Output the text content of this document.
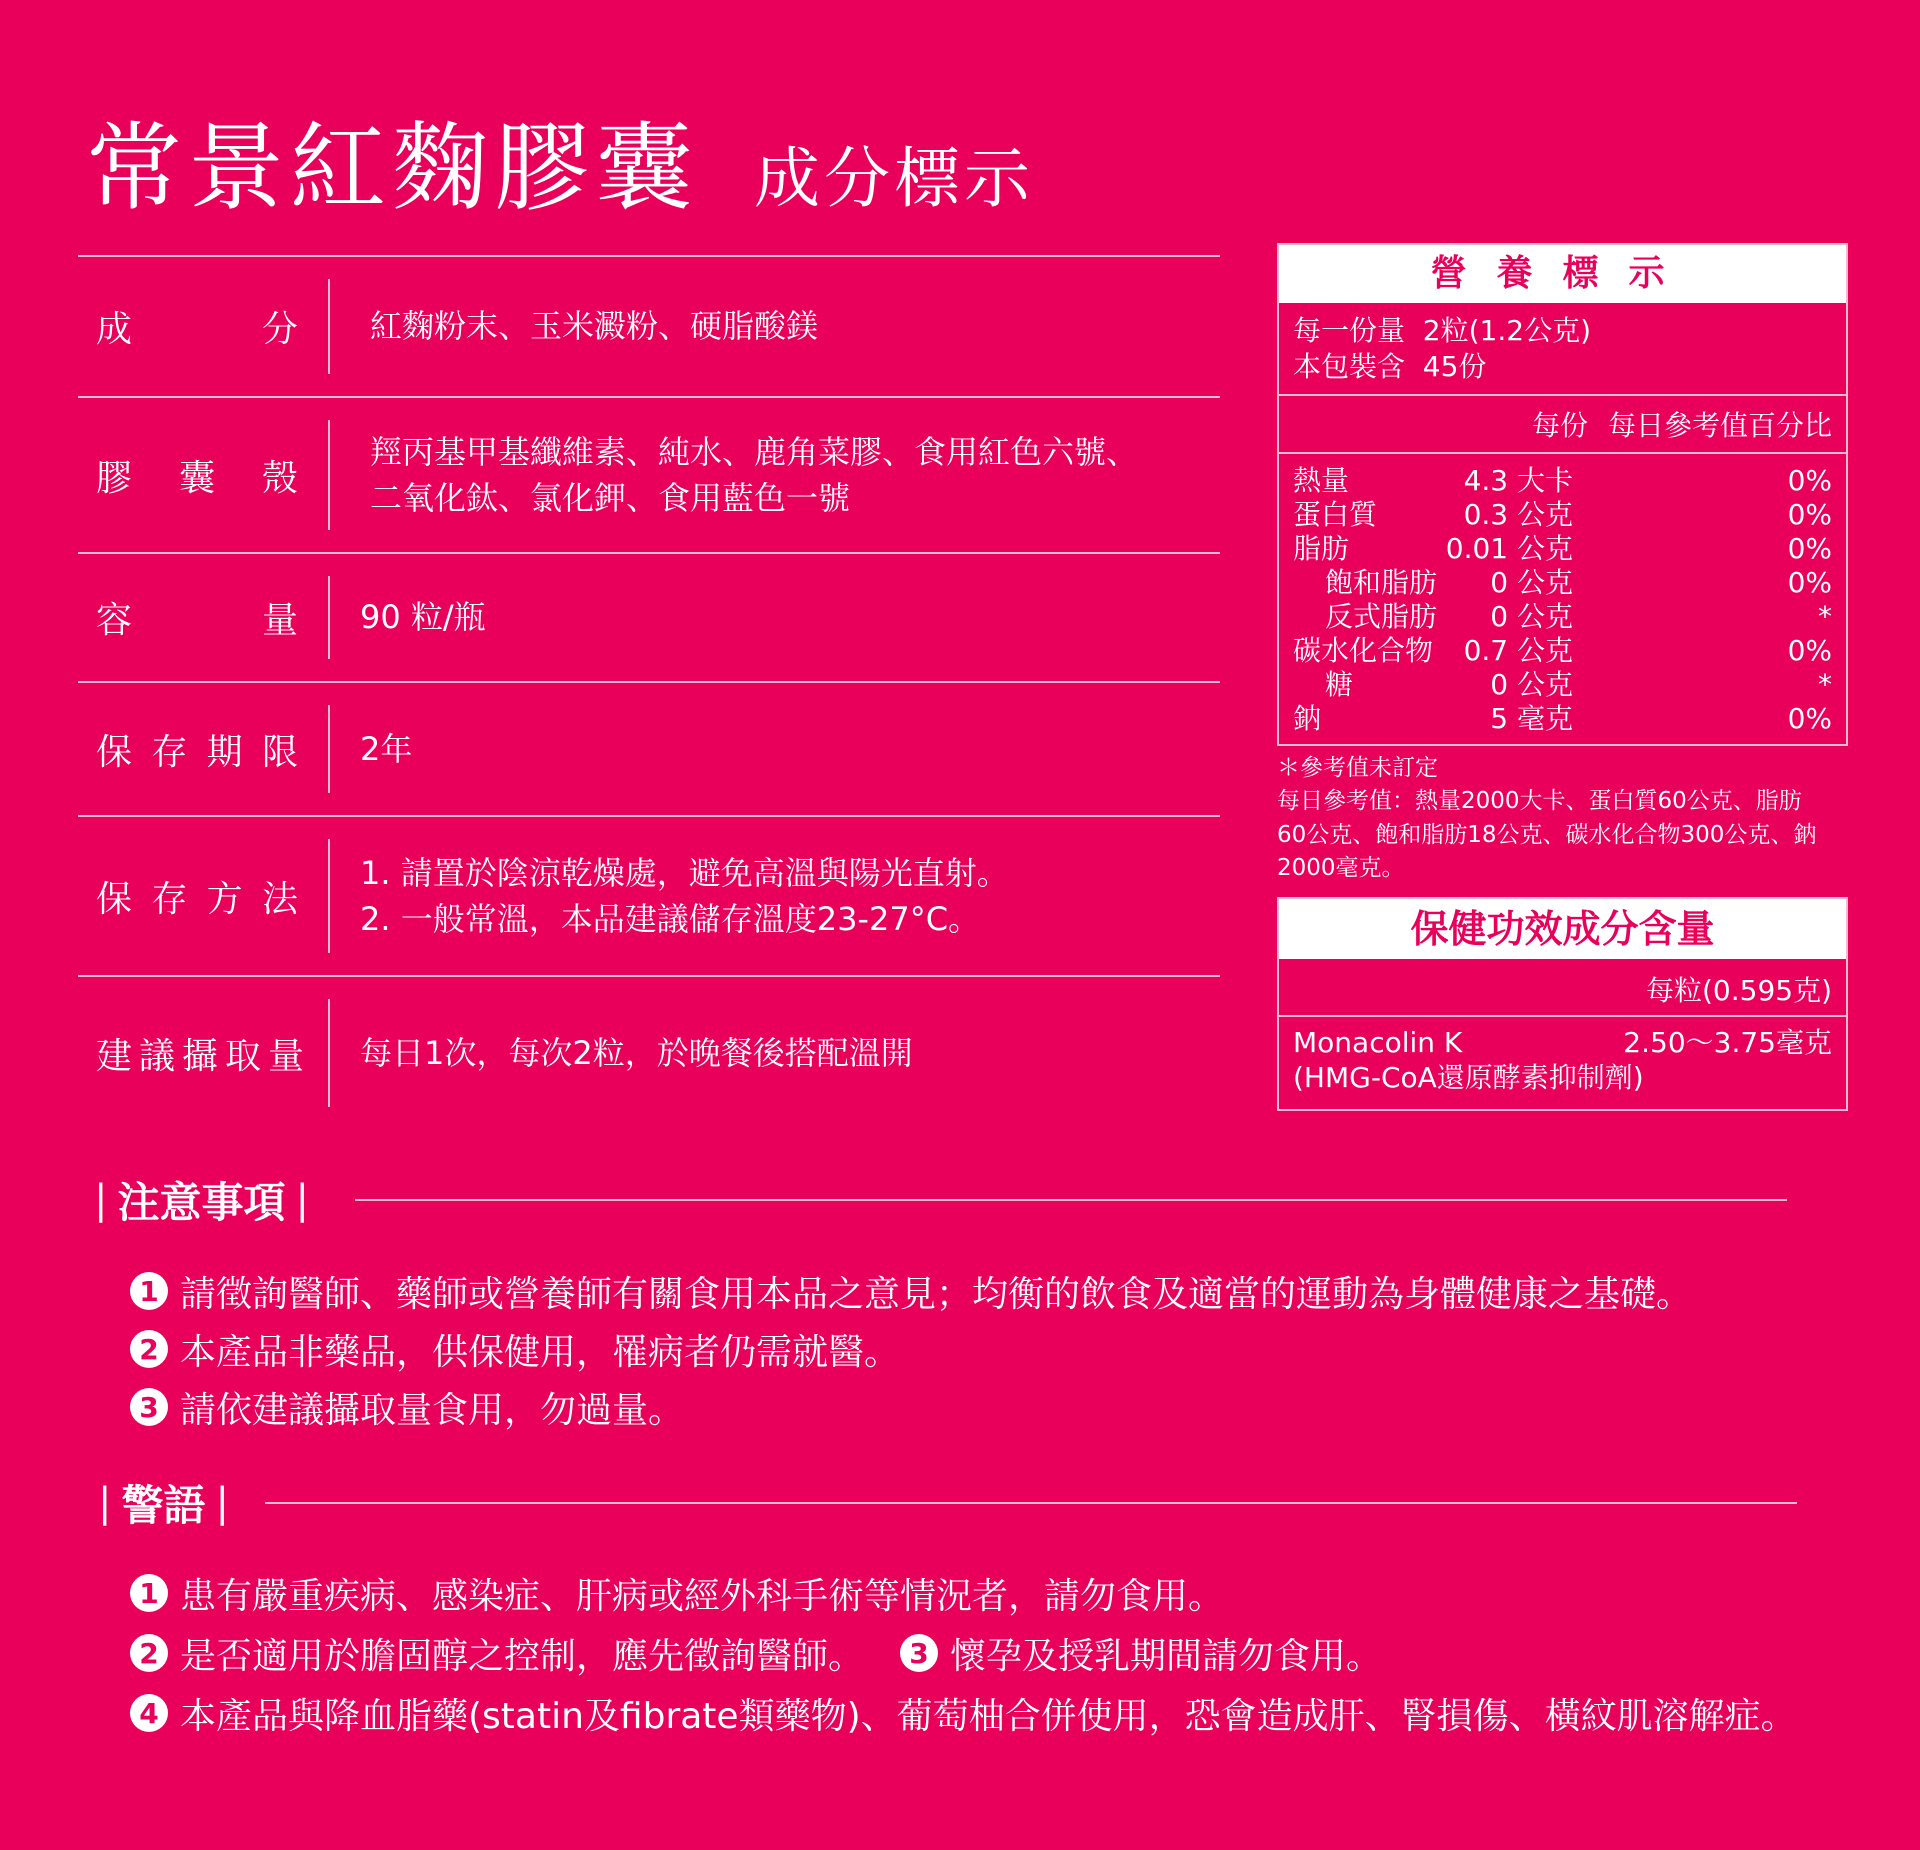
常景紅麴膠囊 成分標示
成	分 紅麴粉末、玉米澱粉、硬脂酸鎂
膠 囊 殼
羥丙基甲基纖維素、純水、鹿角菜膠、食用紅色六號、
二氧化鈦、氯化鉀、食用藍色一號
容	量 90 粒/瓶
保 存 期 限 2年
保 存 方 法
1. 請置於陰涼乾燥處，避免高溫與陽光直射。
2. 一般常溫，本品建議儲存溫度23-27°C。
建 議 攝 取 量 每日1次，每次2粒，於晚餐後搭配溫開
營養標示
每一份量  2粒(1.2公克)
本包裝含  45份
每份 每日參考值百分比
熱量	4.3 大卡	0%
蛋白質	0.3 公克	0%
脂肪	0.01 公克	0%
飽和脂肪	0 公克	0%
反式脂肪	0 公克	*
碳水化合物	0.7 公克	0%
糖	0 公克	*
鈉	5 毫克	0%
＊參考值未訂定
每日參考值：熱量2000大卡、蛋白質60公克、脂肪
60公克、飽和脂肪18公克、碳水化合物300公克、鈉
2000毫克。
保健功效成分含量
每粒(0.595克)
Monacolin K	2.50～3.75毫克
(HMG-CoA還原酵素抑制劑)
| 注意事項 |
1 請徵詢醫師、藥師或營養師有關食用本品之意見；均衡的飲食及適當的運動為身體健康之基礎。
2 本產品非藥品，供保健用，罹病者仍需就醫。
3 請依建議攝取量食用，勿過量。
| 警語 |
1 患有嚴重疾病、感染症、肝病或經外科手術等情況者，請勿食用。
2 是否適用於膽固醇之控制，應先徵詢醫師。	3 懷孕及授乳期間請勿食用。
4 本產品與降血脂藥(statin及fibrate類藥物)、葡萄柚合併使用，恐會造成肝、腎損傷、橫紋肌溶解症。
